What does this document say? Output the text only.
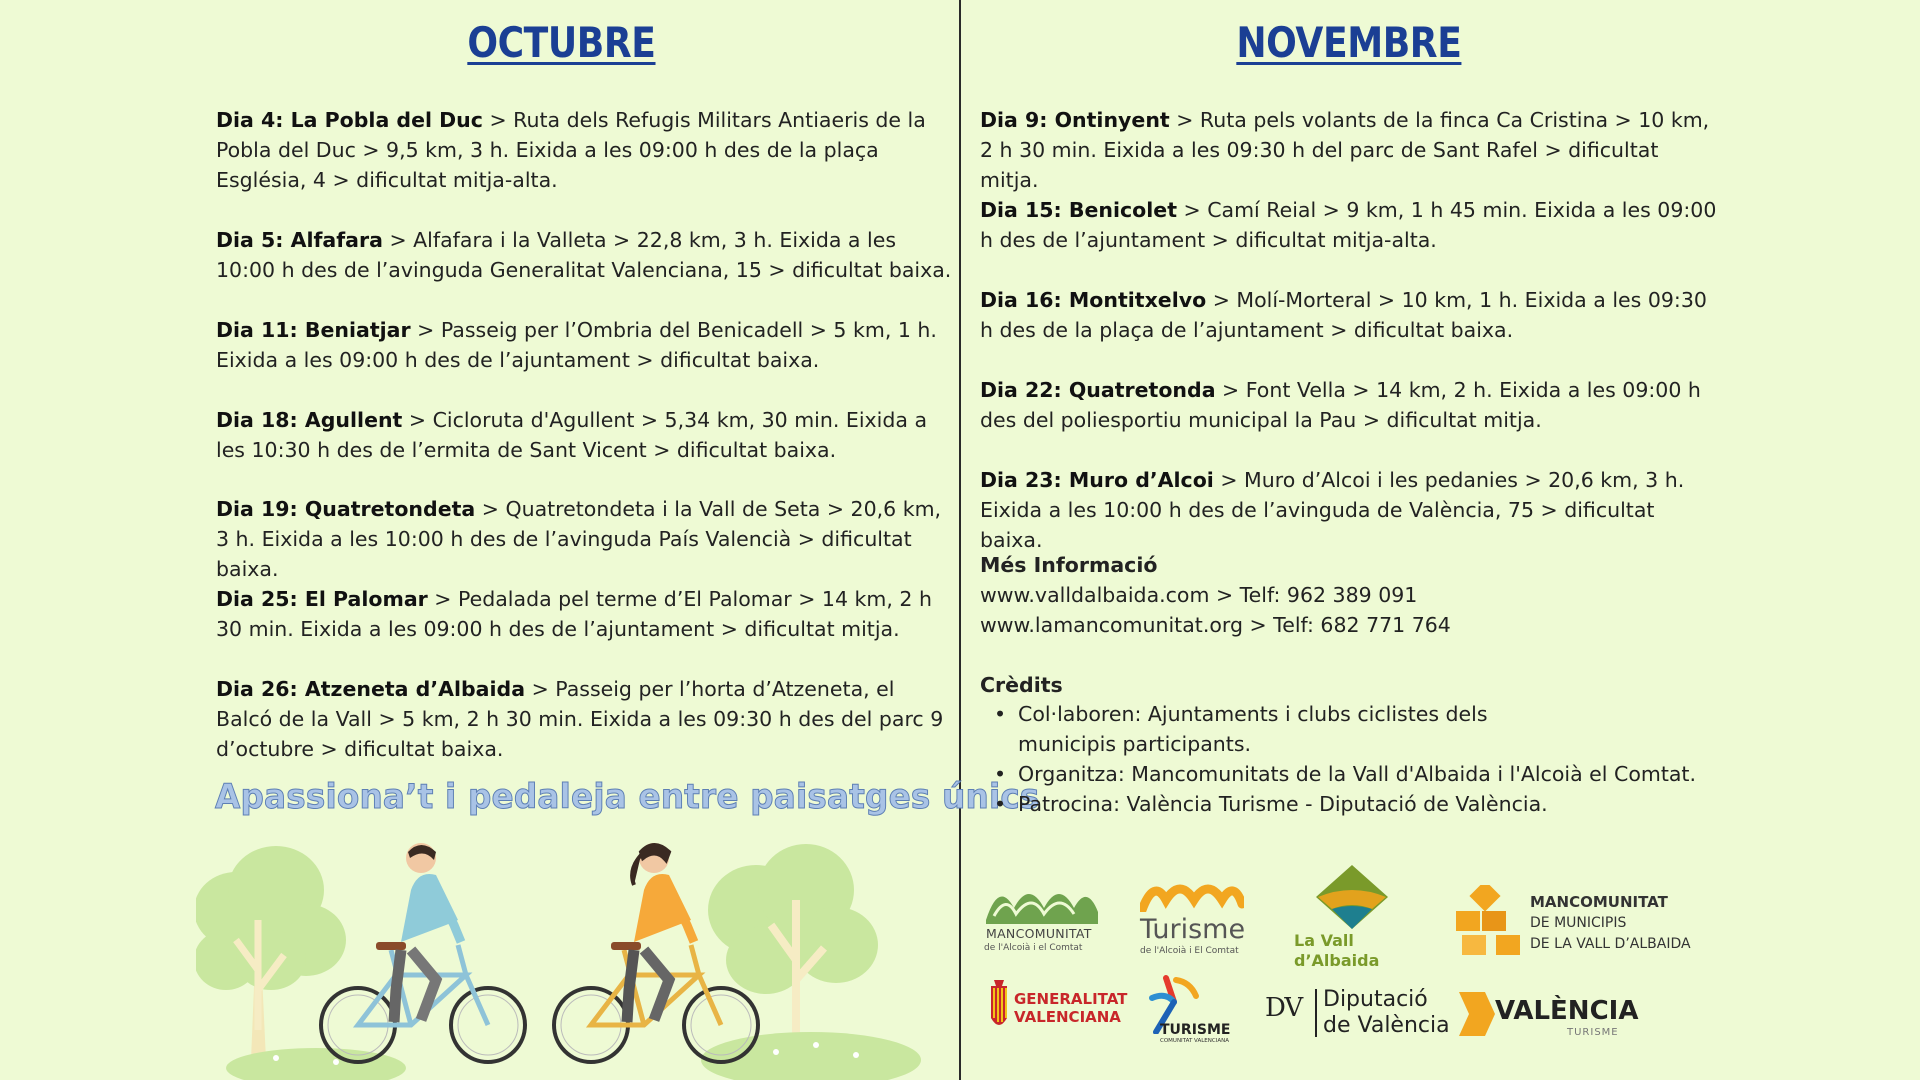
OCTUBRE
Dia 4: La Pobla del Duc > Ruta dels Refugis Militars Antiaeris de la Pobla del Duc > 9,5 km, 3 h. Eixida a les 09:00 h des de la plaça Església, 4 > dificultat mitja-alta.
Dia 5: Alfafara > Alfafara i la Valleta > 22,8 km, 3 h. Eixida a les 10:00 h des de l’avinguda Generalitat Valenciana, 15 > dificultat baixa.
Dia 11: Beniatjar > Passeig per l’Ombria del Benicadell > 5 km, 1 h. Eixida a les 09:00 h des de l’ajuntament > dificultat baixa.
Dia 18: Agullent > Cicloruta d'Agullent > 5,34 km, 30 min. Eixida a les 10:30 h des de l’ermita de Sant Vicent > dificultat baixa.
Dia 19: Quatretondeta > Quatretondeta i la Vall de Seta > 20,6 km, 3 h. Eixida a les 10:00 h des de l’avinguda País Valencià > dificultat baixa.
Dia 25: El Palomar > Pedalada pel terme d’El Palomar > 14 km, 2 h 30 min. Eixida a les 09:00 h des de l’ajuntament > dificultat mitja.
Dia 26: Atzeneta d’Albaida > Passeig per l’horta d’Atzeneta, el Balcó de la Vall > 5 km, 2 h 30 min. Eixida a les 09:30 h des del parc 9 d’octubre > dificultat baixa.
Apassiona’t i pedaleja entre paisatges únics
NOVEMBRE
Dia 9: Ontinyent > Ruta pels volants de la finca Ca Cristina > 10 km, 2 h 30 min. Eixida a les 09:30 h del parc de Sant Rafel > dificultat mitja.
Dia 15: Benicolet > Camí Reial > 9 km, 1 h 45 min. Eixida a les 09:00 h des de l’ajuntament > dificultat mitja-alta.
Dia 16: Montitxelvo > Molí-Morteral > 10 km, 1 h. Eixida a les 09:30 h des de la plaça de l’ajuntament > dificultat baixa.
Dia 22: Quatretonda > Font Vella > 14 km, 2 h. Eixida a les 09:00 h des del poliesportiu municipal la Pau > dificultat mitja.
Dia 23: Muro d’Alcoi > Muro d’Alcoi i les pedanies > 20,6 km, 3 h. Eixida a les 10:00 h des de l’avinguda de València, 75 > dificultat baixa.
Més Informació
www.valldalbaida.com > Telf: 962 389 091
www.lamancomunitat.org > Telf: 682 771 764
Crèdits
• Col·laboren: Ajuntaments i clubs ciclistes dels municipis participants.
• Organitza: Mancomunitats de la Vall d'Albaida i l'Alcoià el Comtat.
• Patrocina: València Turisme - Diputació de València.
MANCOMUNITAT
de l'Alcoià i el Comtat
Turisme
de l'Alcoià i El Comtat
La Vall
d’Albaida
MANCOMUNITAT
DE MUNICIPIS
DE LA VALL D’ALBAIDA
GENERALITAT
VALENCIANA
TURISME
COMUNITAT VALENCIANA
DV Diputació
de València VALÈNCIA
TURISME
